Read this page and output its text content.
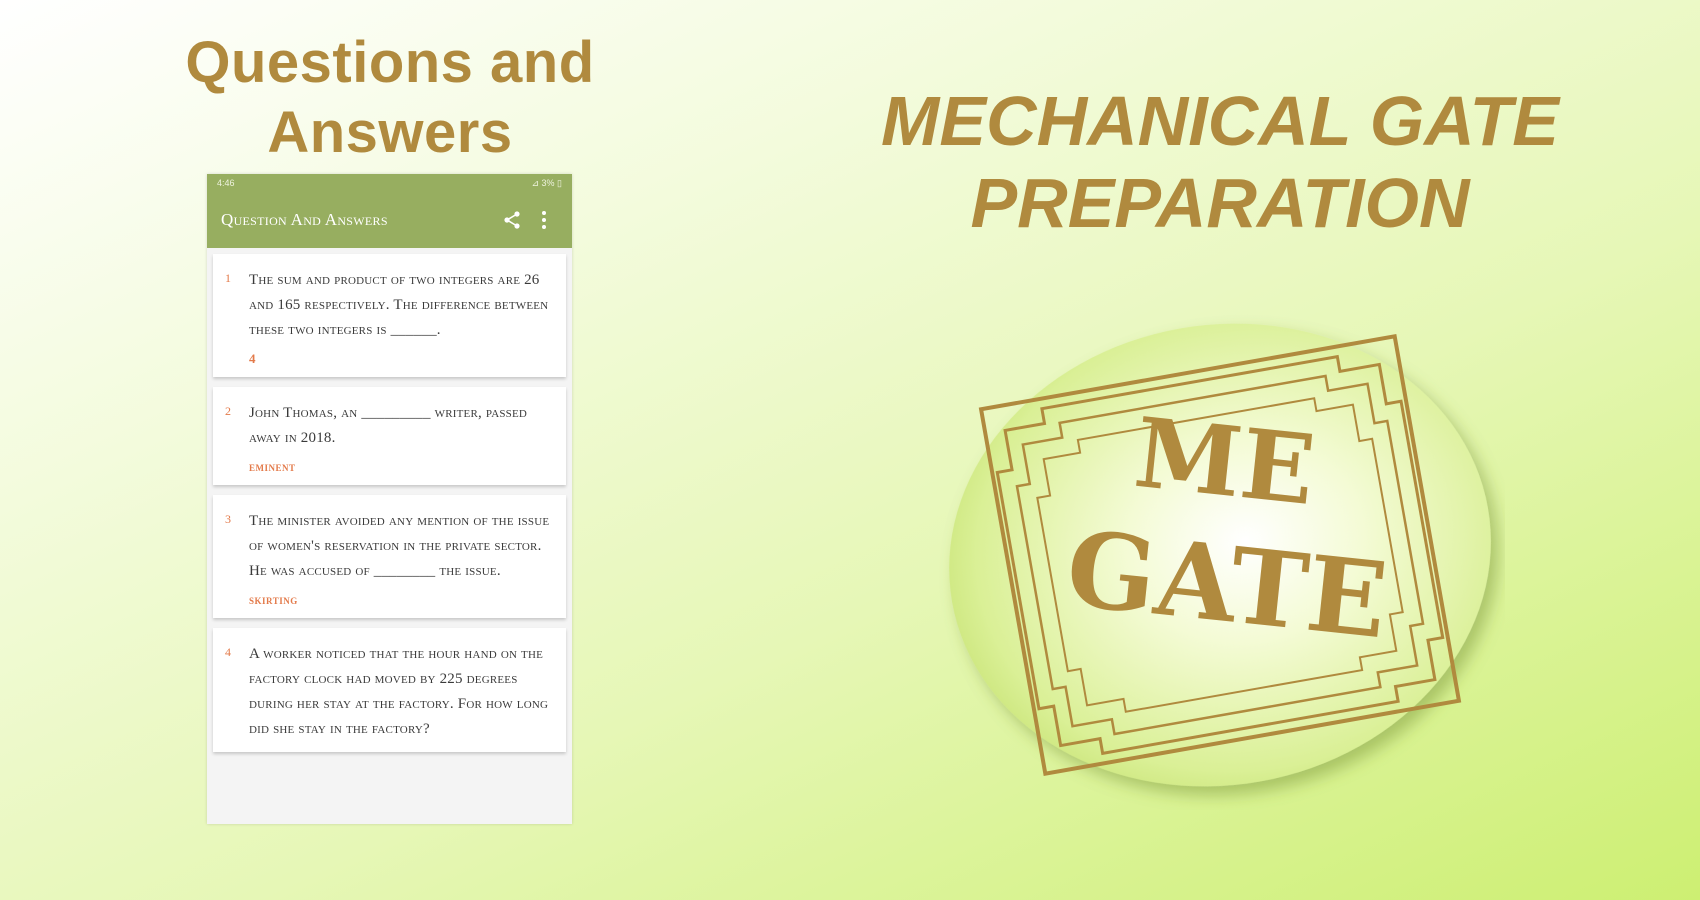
Questions and
Answers	MECHANICAL GATE
PREPARATION
4:46	⊿ 3% ▯
Question And Answers
1	The sum and product of two integers are 26 and 165 respectively. The difference between these two integers is ______.
4
2	John Thomas, an _________ writer, passed away in 2018.
eminent
3	The minister avoided any mention of the issue of women's reservation in the private sector. He was accused of ________ the issue.
skirting
4	A worker noticed that the hour hand on the factory clock had moved by 225 degrees during her stay at the factory. For how long did she stay in the factory?
ME
GATE
